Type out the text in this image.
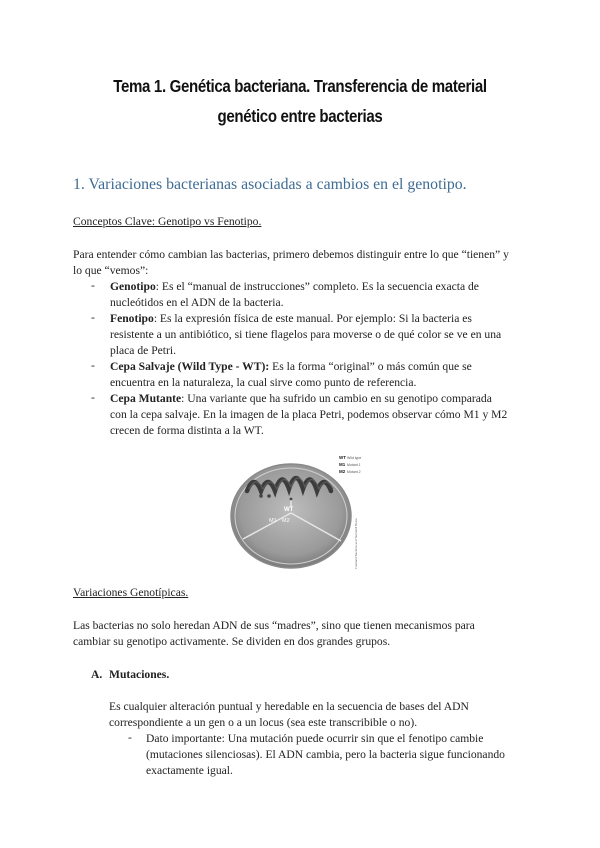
Tema 1. Genética bacteriana. Transferencia de material
genético entre bacterias
1. Variaciones bacterianas asociadas a cambios en el genotipo.
Conceptos Clave: Genotipo vs Fenotipo.
Para entender cómo cambian las bacterias, primero debemos distinguir entre lo que “tienen” y
lo que “vemos”:
- Genotipo: Es el “manual de instrucciones” completo. Es la secuencia exacta de
nucleótidos en el ADN de la bacteria.
- Fenotipo: Es la expresión física de este manual. Por ejemplo: Si la bacteria es
resistente a un antibiótico, si tiene flagelos para moverse o de qué color se ve en una
placa de Petri.
- Cepa Salvaje (Wild Type - WT): Es la forma “original” o más común que se
encuentra en la naturaleza, la cual sirve como punto de referencia.
- Cepa Mutante: Una variante que ha sufrido un cambio en su genotipo comparada
con la cepa salvaje. En la imagen de la placa Petri, podemos observar cómo M1 y M2
crecen de forma distinta a la WT.
WT
M1 M2
WT Wild type
M1 Mutant 1
M2 Mutant 2
Freeland Bacteria and Tannahill Bruce
Variaciones Genotípicas.
Las bacterias no solo heredan ADN de sus “madres”, sino que tienen mecanismos para
cambiar su genotipo activamente. Se dividen en dos grandes grupos.
A. Mutaciones.
Es cualquier alteración puntual y heredable en la secuencia de bases del ADN
correspondiente a un gen o a un locus (sea este transcribible o no).
- Dato importante: Una mutación puede ocurrir sin que el fenotipo cambie
(mutaciones silenciosas). El ADN cambia, pero la bacteria sigue funcionando
exactamente igual.
